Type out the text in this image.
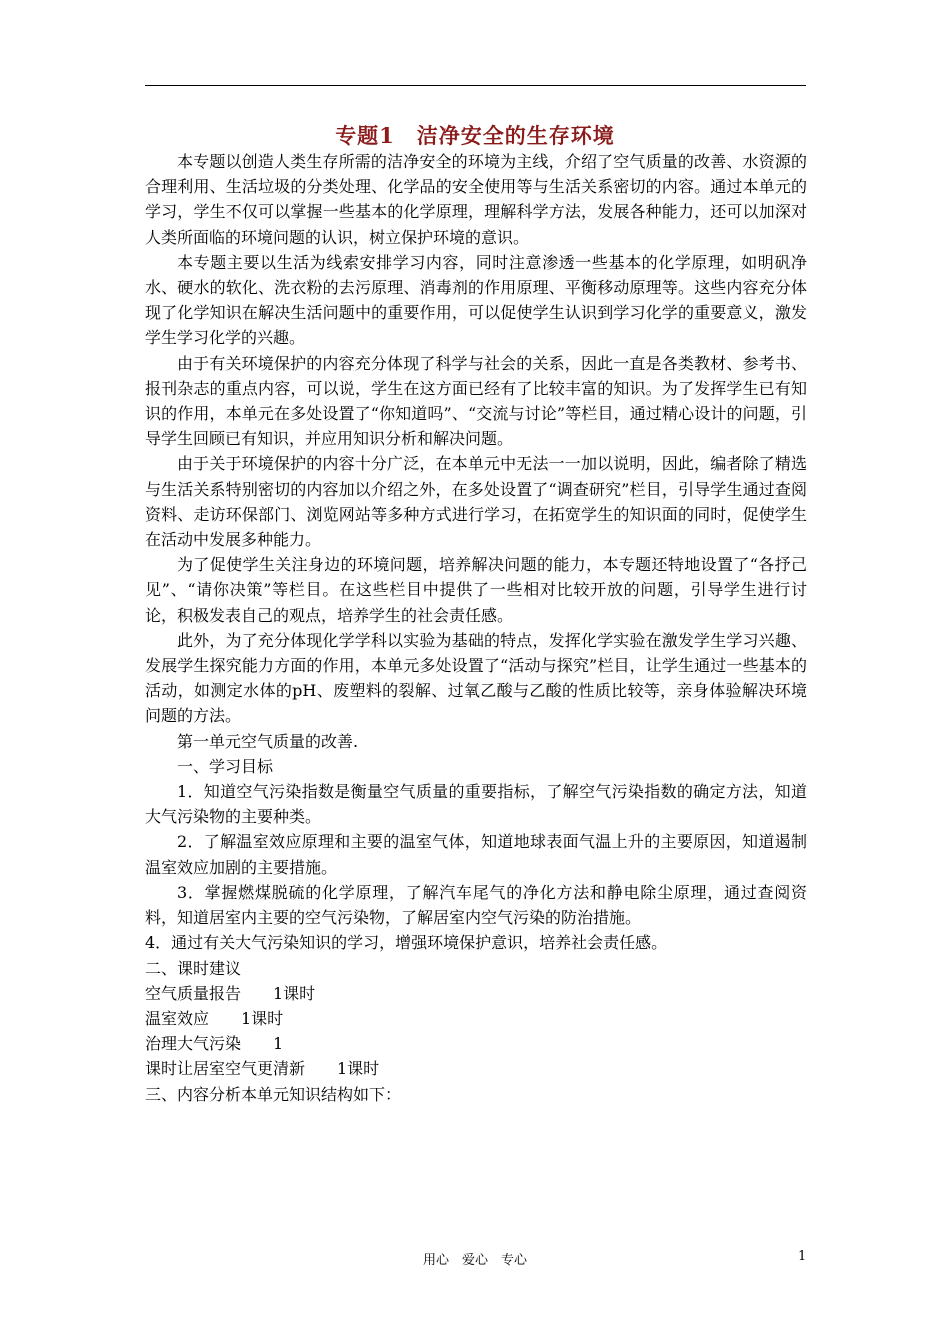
专题1　洁净安全的生存环境

本专题以创造人类生存所需的洁净安全的环境为主线，介绍了空气质量的改善、水资源的合理利用、生活垃圾的分类处理、化学品的安全使用等与生活关系密切的内容。通过本单元的学习，学生不仅可以掌握一些基本的化学原理，理解科学方法，发展各种能力，还可以加深对人类所面临的环境问题的认识，树立保护环境的意识。

本专题主要以生活为线索安排学习内容，同时注意渗透一些基本的化学原理，如明矾净水、硬水的软化、洗衣粉的去污原理、消毒剂的作用原理、平衡移动原理等。这些内容充分体现了化学知识在解决生活问题中的重要作用，可以促使学生认识到学习化学的重要意义，激发学生学习化学的兴趣。

由于有关环境保护的内容充分体现了科学与社会的关系，因此一直是各类教材、参考书、报刊杂志的重点内容，可以说，学生在这方面已经有了比较丰富的知识。为了发挥学生已有知识的作用，本单元在多处设置了“你知道吗”、“交流与讨论”等栏目，通过精心设计的问题，引导学生回顾已有知识，并应用知识分析和解决问题。

由于关于环境保护的内容十分广泛，在本单元中无法一一加以说明，因此，编者除了精选与生活关系特别密切的内容加以介绍之外，在多处设置了“调查研究”栏目，引导学生通过查阅资料、走访环保部门、浏览网站等多种方式进行学习，在拓宽学生的知识面的同时，促使学生在活动中发展多种能力。

为了促使学生关注身边的环境问题，培养解决问题的能力，本专题还特地设置了“各抒己见”、“请你决策”等栏目。在这些栏目中提供了一些相对比较开放的问题，引导学生进行讨论，积极发表自己的观点，培养学生的社会责任感。

此外，为了充分体现化学学科以实验为基础的特点，发挥化学实验在激发学生学习兴趣、发展学生探究能力方面的作用，本单元多处设置了“活动与探究”栏目，让学生通过一些基本的活动，如测定水体的pH、废塑料的裂解、过氧乙酸与乙酸的性质比较等，亲身体验解决环境问题的方法。

第一单元空气质量的改善.

一、学习目标

1．知道空气污染指数是衡量空气质量的重要指标，了解空气污染指数的确定方法，知道大气污染物的主要种类。

2．了解温室效应原理和主要的温室气体，知道地球表面气温上升的主要原因，知道遏制温室效应加剧的主要措施。

3．掌握燃煤脱硫的化学原理，了解汽车尾气的净化方法和静电除尘原理，通过查阅资料，知道居室内主要的空气污染物，了解居室内空气污染的防治措施。

4．通过有关大气污染知识的学习，增强环境保护意识，培养社会责任感。

二、课时建议

空气质量报告　　1课时

温室效应　　1课时

治理大气污染　　1

课时让居室空气更清新　　1课时

三、内容分析本单元知识结构如下：

用心　爱心　专心	1
